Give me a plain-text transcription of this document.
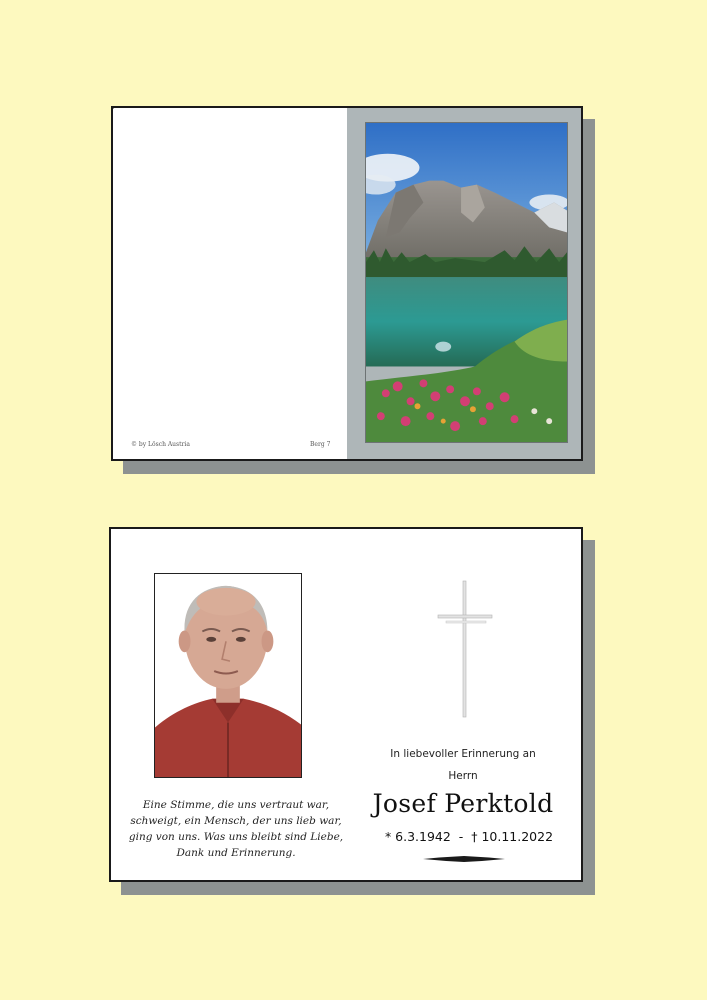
© by Lösch Austria	Berg 7
Eine Stimme, die uns vertraut war,
schweigt, ein Mensch, der uns lieb war,
ging von uns. Was uns bleibt sind Liebe,
Dank und Erinnerung.
In liebevoller Erinnerung an
Herrn
Josef Perktold
* 6.3.1942  -  † 10.11.2022
